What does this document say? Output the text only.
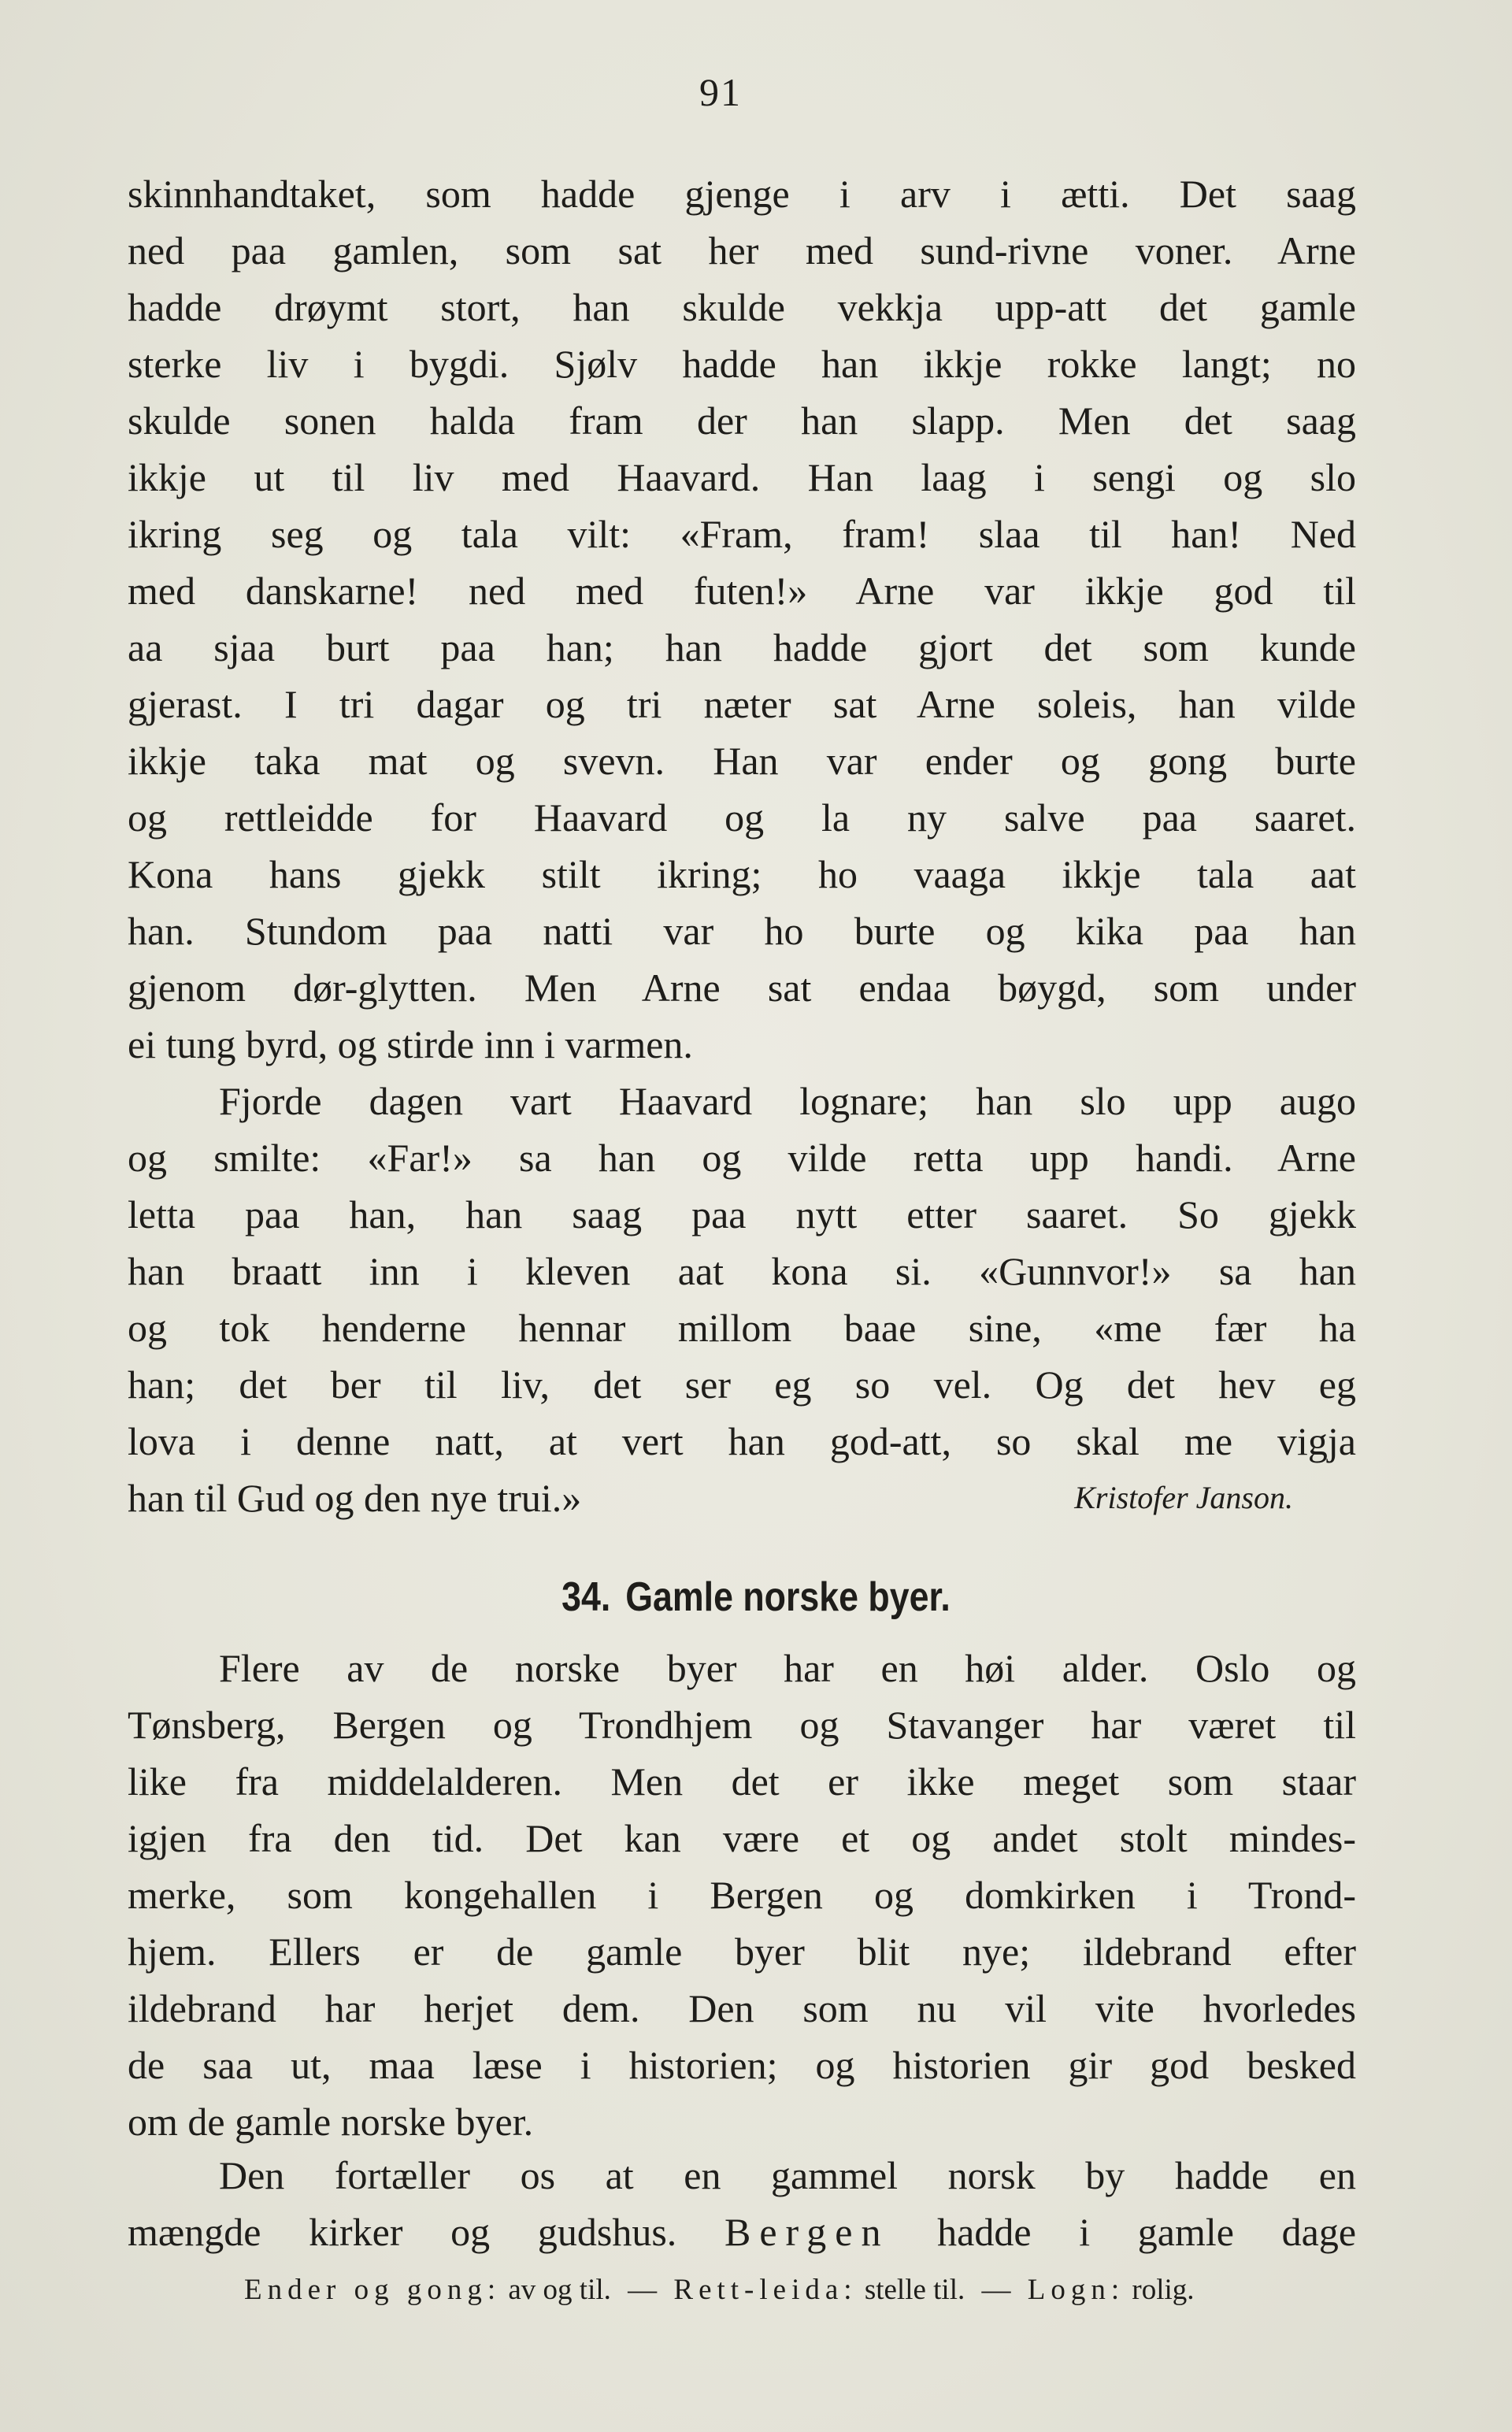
91
skinnhandtaket, som hadde gjenge i arv i ætti. Det saag
ned paa gamlen, som sat her med sund-rivne voner. Arne
hadde drøymt stort, han skulde vekkja upp-att det gamle
sterke liv i bygdi. Sjølv hadde han ikkje rokke langt; no
skulde sonen halda fram der han slapp. Men det saag
ikkje ut til liv med Haavard. Han laag i sengi og slo
ikring seg og tala vilt: «Fram, fram! slaa til han! Ned
med danskarne! ned med futen!» Arne var ikkje god til
aa sjaa burt paa han; han hadde gjort det som kunde
gjerast. I tri dagar og tri næter sat Arne soleis, han vilde
ikkje taka mat og svevn. Han var ender og gong burte
og rettleidde for Haavard og la ny salve paa saaret.
Kona hans gjekk stilt ikring; ho vaaga ikkje tala aat
han. Stundom paa natti var ho burte og kika paa han
gjenom dør-glytten. Men Arne sat endaa bøygd, som under
ei tung byrd, og stirde inn i varmen.
Fjorde dagen vart Haavard lognare; han slo upp augo
og smilte: «Far!» sa han og vilde retta upp handi. Arne
letta paa han, han saag paa nytt etter saaret. So gjekk
han braatt inn i kleven aat kona si. «Gunnvor!» sa han
og tok henderne hennar millom baae sine, «me fær ha
han; det ber til liv, det ser eg so vel. Og det hev eg
lova i denne natt, at vert han god-att, so skal me vigja
han til Gud og den nye trui.»	Kristofer Janson.
34. Gamle norske byer.
Flere av de norske byer har en høi alder. Oslo og
Tønsberg, Bergen og Trondhjem og Stavanger har været til
like fra middelalderen. Men det er ikke meget som staar
igjen fra den tid. Det kan være et og andet stolt mindes-
merke, som kongehallen i Bergen og domkirken i Trond-
hjem. Ellers er de gamle byer blit nye; ildebrand efter
ildebrand har herjet dem. Den som nu vil vite hvorledes
de saa ut, maa læse i historien; og historien gir god besked
om de gamle norske byer.
Den fortæller os at en gammel norsk by hadde en
mængde kirker og gudshus. Bergen hadde i gamle dage
Ender og gong: av og til. — Rett-leida: stelle til. — Logn: rolig.
